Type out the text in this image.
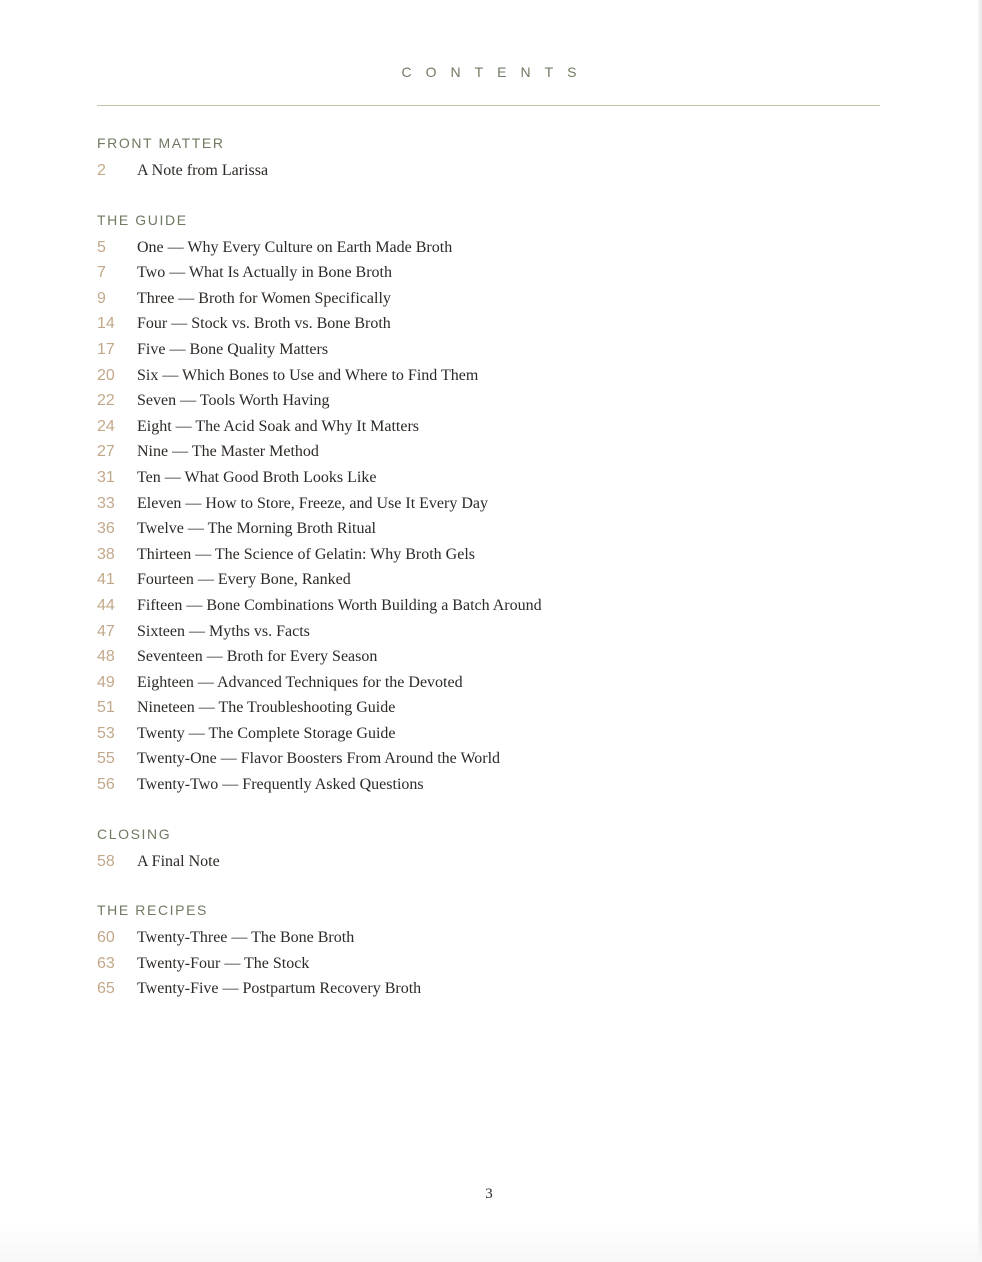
CONTENTS
FRONT MATTER
2	A Note from Larissa
THE GUIDE
5	One — Why Every Culture on Earth Made Broth
7	Two — What Is Actually in Bone Broth
9	Three — Broth for Women Specifically
14	Four — Stock vs. Broth vs. Bone Broth
17	Five — Bone Quality Matters
20	Six — Which Bones to Use and Where to Find Them
22	Seven — Tools Worth Having
24	Eight — The Acid Soak and Why It Matters
27	Nine — The Master Method
31	Ten — What Good Broth Looks Like
33	Eleven — How to Store, Freeze, and Use It Every Day
36	Twelve — The Morning Broth Ritual
38	Thirteen — The Science of Gelatin: Why Broth Gels
41	Fourteen — Every Bone, Ranked
44	Fifteen — Bone Combinations Worth Building a Batch Around
47	Sixteen — Myths vs. Facts
48	Seventeen — Broth for Every Season
49	Eighteen — Advanced Techniques for the Devoted
51	Nineteen — The Troubleshooting Guide
53	Twenty — The Complete Storage Guide
55	Twenty-One — Flavor Boosters From Around the World
56	Twenty-Two — Frequently Asked Questions
CLOSING
58	A Final Note
THE RECIPES
60	Twenty-Three — The Bone Broth
63	Twenty-Four — The Stock
65	Twenty-Five — Postpartum Recovery Broth
3
